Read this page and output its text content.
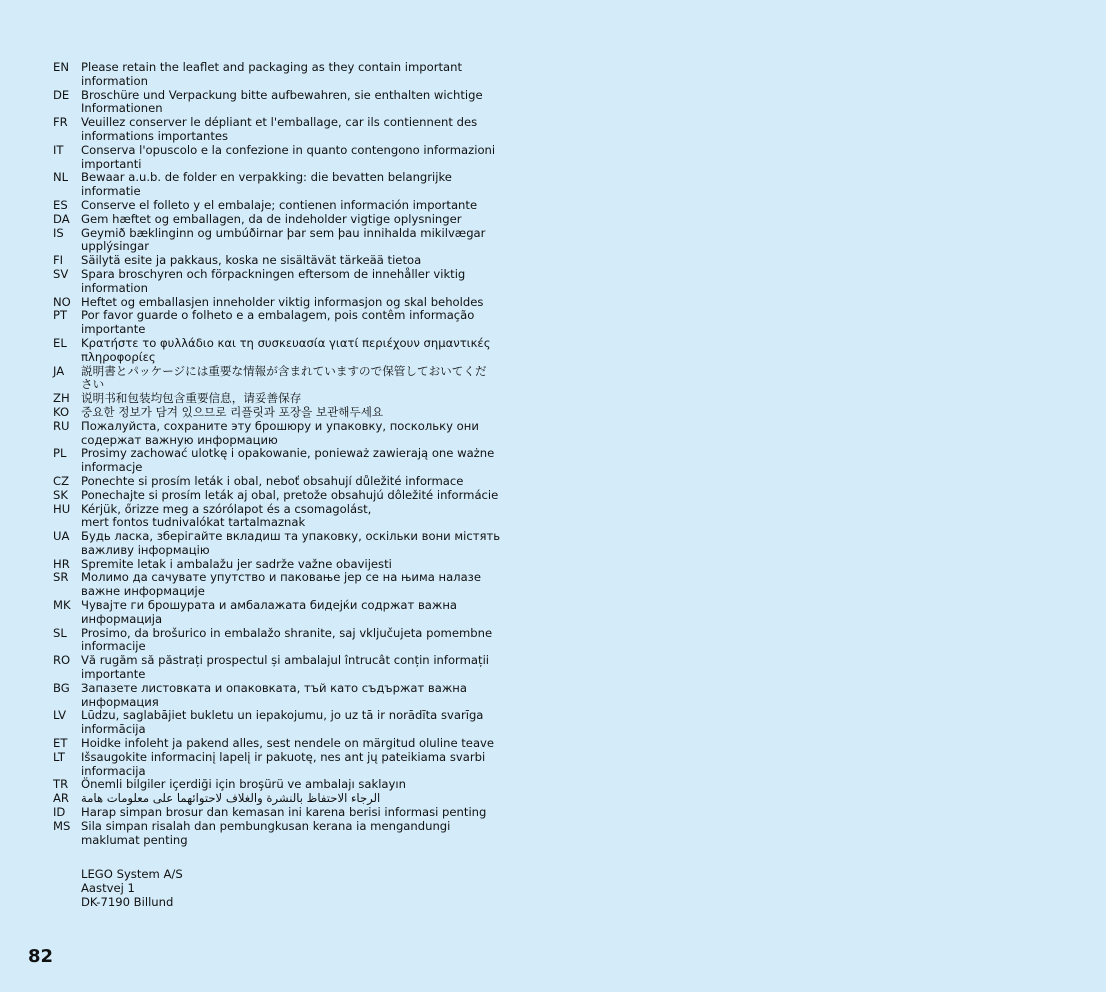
EN	Please retain the leaflet and packaging as they contain important
information
DE	Broschüre und Verpackung bitte aufbewahren, sie enthalten wichtige
Informationen
FR	Veuillez conserver le dépliant et l'emballage, car ils contiennent des
informations importantes
IT	Conserva l'opuscolo e la confezione in quanto contengono informazioni
importanti
NL	Bewaar a.u.b. de folder en verpakking: die bevatten belangrijke
informatie
ES	Conserve el folleto y el embalaje; contienen información importante
DA Gem hæftet og emballagen, da de indeholder vigtige oplysninger
IS	Geymið bæklinginn og umbúðirnar þar sem þau innihalda mikilvægar
upplýsingar
FI	Säilytä esite ja pakkaus, koska ne sisältävät tärkeää tietoa
SV	Spara broschyren och förpackningen eftersom de innehåller viktig
information
NO Heftet og emballasjen inneholder viktig informasjon og skal beholdes
PT	Por favor guarde o folheto e a embalagem, pois contêm informação
importante
EL	Κρατήστε το φυλλάδιο και τη συσκευασία γιατί περιέχουν σημαντικές
πληροφορίες
JA	説明書とパッケージには重要な情報が含まれていますので保管しておいてくだ
さい
ZH 说明书和包装均包含重要信息，请妥善保存
KO	중요한 정보가 담겨 있으므로 리플릿과 포장을 보관해두세요
RU Пожалуйста, сохраните эту брошюру и упаковку, поскольку они
содержат важную информацию
PL	Prosimy zachować ulotkę i opakowanie, ponieważ zawierają one ważne
informacje
CZ	Ponechte si prosím leták i obal, neboť obsahují důležité informace
SK	Ponechajte si prosím leták aj obal, pretože obsahujú dôležité informácie
HU Kérjük, őrizze meg a szórólapot és a csomagolást,
mert fontos tudnivalókat tartalmaznak
UA Будь ласка, зберігайте вкладиш та упаковку, оскільки вони містять
важливу інформацію
HR Spremite letak i ambalažu jer sadrže važne obavijesti
SR	Молимо да сачувате упутство и паковање јер се на њима налазе
важне информације
MK Чувајте ги брошурата и амбалажата бидејќи содржат важна
информација
SL	Prosimo, da brošurico in embalažo shranite, saj vključujeta pomembne
informacije
RO Vă rugăm să păstrați prospectul și ambalajul întrucât conțin informații
importante
BG Запазете листовката и опаковката, тъй като съдържат важна
информация
LV	Lūdzu, saglabājiet bukletu un iepakojumu, jo uz tā ir norādīta svarīga
informācija
ET	Hoidke infoleht ja pakend alles, sest nendele on märgitud oluline teave
LT	Išsaugokite informacinį lapelį ir pakuotę, nes ant jų pateikiama svarbi
informacija
TR	Önemli bilgiler içerdiği için broşürü ve ambalajı saklayın
AR	الرجاء الاحتفاظ بالنشرة والغلاف لاحتوائهما على معلومات هامة
ID	Harap simpan brosur dan kemasan ini karena berisi informasi penting
MS Sila simpan risalah dan pembungkusan kerana ia mengandungi
maklumat penting
LEGO System A/S
Aastvej 1
DK-7190 Billund
82
